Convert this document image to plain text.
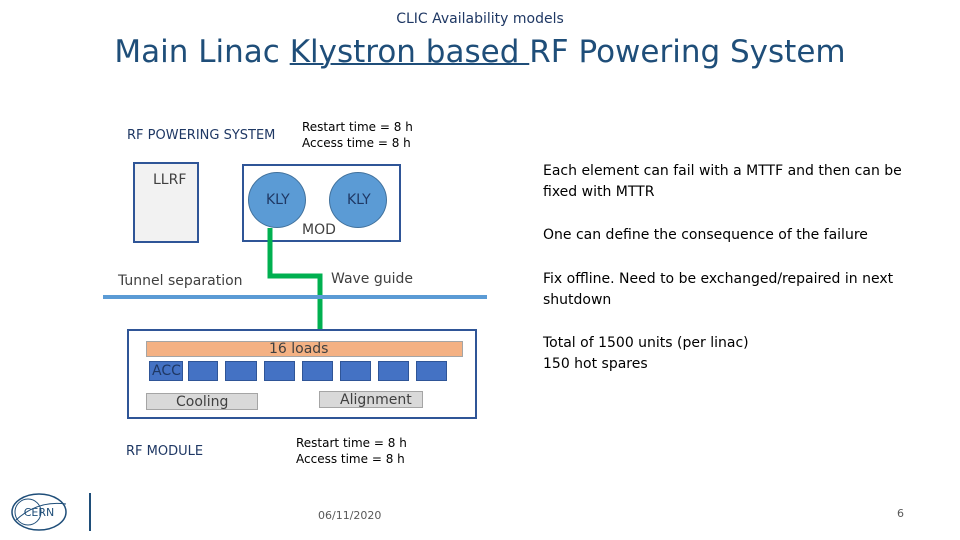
CLIC Availability models
Main Linac Klystron based RF Powering System
RF POWERING SYSTEM
RF MODULE
Restart time = 8 h
Access time = 8 h
Restart time = 8 h
Access time = 8 h
LLRF
MOD
KLY	KLY
Tunnel separation	Wave guide
16 loads
ACC
Cooling	Alignment
Each element can fail with a MTTF and then can be fixed with MTTR
One can define the consequence of the failure
Fix offline. Need to be exchanged/repaired in next shutdown
Total of 1500 units (per linac)
150 hot spares
CERN	06/11/2020	6
